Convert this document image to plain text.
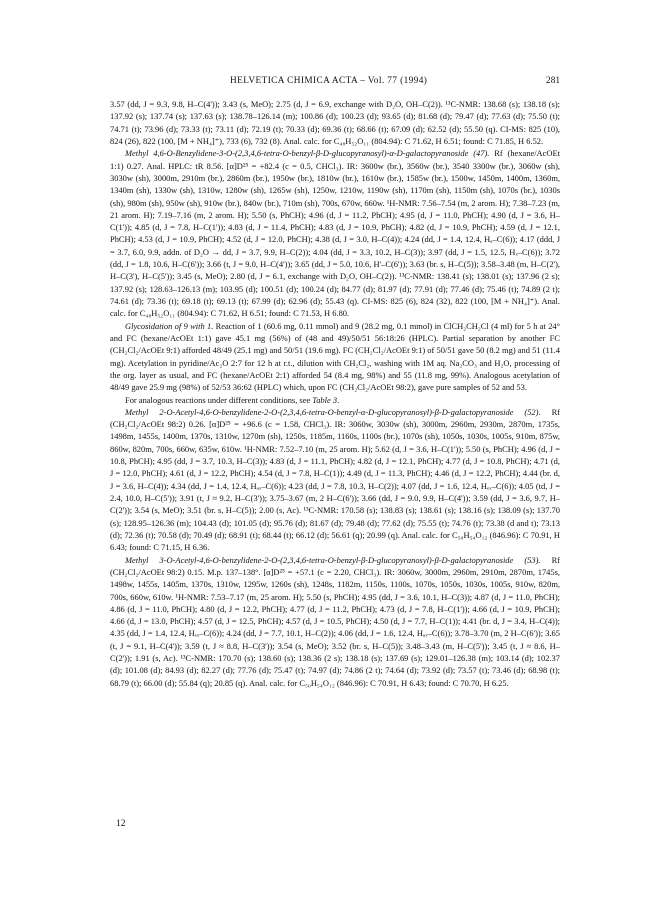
HELVETICA CHIMICA ACTA – Vol. 77 (1994)	281

3.57 (dd, J = 9.3, 9.8, H–C(4')); 3.43 (s, MeO); 2.75 (d, J = 6.9, exchange with D₂O, OH–C(2)). ¹³C-NMR: 138.68 (s); 138.18 (s); 137.92 (s); 137.74 (s); 137.63 (s); 138.78–126.14 (m); 100.86 (d); 100.23 (d); 93.65 (d); 81.68 (d); 79.47 (d); 77.63 (d); 75.50 (t); 74.71 (t); 73.96 (d); 73.33 (t); 73.11 (d); 72.19 (t); 70.33 (d); 69.36 (t); 68.66 (t); 67.09 (d); 62.52 (d); 55.50 (q). CI-MS: 825 (10), 824 (26), 822 (100, [M + NH₄]⁺), 733 (6), 732 (8). Anal. calc. for C₄₈H₅₂O₁₁ (804.94): C 71.62, H 6.51; found: C 71.85, H 6.52.

Methyl 4,6-O-Benzylidene-3-O-(2,3,4,6-tetra-O-benzyl-β-D-glucopyranosyl)-α-D-galactopyranoside (47). Rf (hexane/AcOEt 1:1) 0.27. Anal. HPLC: tR 8.56. [α]D²⁵ = +82.4 (c = 0.5, CHCl₃). IR: 3600w (br.), 3560w (br.), 3540 3300w (br.), 3060w (sh), 3030w (sh), 3000m, 2910m (br.), 2860m (br.), 1950w (br.), 1810w (br.), 1610w (br.), 1585w (br.), 1500w, 1450m, 1400m, 1360m, 1340m (sh), 1330w (sh), 1310w, 1280w (sh), 1265w (sh), 1250w, 1210w, 1190w (sh), 1170m (sh), 1150m (sh), 1070s (br.), 1030s (sh), 980m (sh), 950w (sh), 910w (br.), 840w (br.), 710m (sh), 700s, 670w, 660w. ¹H-NMR: 7.56–7.54 (m, 2 arom. H); 7.38–7.23 (m, 21 arom. H); 7.19–7.16 (m, 2 arom. H); 5.50 (s, PhCH); 4.96 (d, J = 11.2, PhCH); 4.95 (d, J = 11.0, PhCH); 4.90 (d, J = 3.6, H–C(1')); 4.85 (d, J = 7.8, H–C(1')); 4.83 (d, J = 11.4, PhCH); 4.83 (d, J = 10.9, PhCH); 4.82 (d, J = 10.9, PhCH); 4.59 (d, J = 12.1, PhCH); 4.53 (d, J = 10.9, PhCH); 4.52 (d, J = 12.0, PhCH); 4.38 (d, J = 3.0, H–C(4)); 4.24 (dd, J = 1.4, 12.4, Hₐ–C(6)); 4.17 (ddd, J = 3.7, 6.0, 9.9, addn. of D₂O → dd, J = 3.7, 9.9, H–C(2)); 4.04 (dd, J = 3.3, 10.2, H–C(3)); 3.97 (dd, J = 1.5, 12.5, Hₓ–C(6)); 3.72 (dd, J = 1.8, 10.6, H–C(6')); 3.66 (t, J = 9.0, H–C(4')); 3.65 (dd, J = 5.0, 10.6, H'–C(6')); 3.63 (br. s, H–C(5)); 3.58–3.48 (m, H–C(2'), H–C(3'), H–C(5')); 3.45 (s, MeO); 2.80 (d, J = 6.1, exchange with D₂O, OH–C(2)). ¹³C-NMR: 138.41 (s); 138.01 (s); 137.96 (2 s); 137.92 (s); 128.63–126.13 (m); 103.95 (d); 100.51 (d); 100.24 (d); 84.77 (d); 81.97 (d); 77.91 (d); 77.46 (d); 75.46 (t); 74.89 (2 t); 74.61 (d); 73.36 (t); 69.18 (t); 69.13 (t); 67.99 (d); 62.96 (d); 55.43 (q). CI-MS: 825 (6), 824 (32), 822 (100, [M + NH₄]⁺). Anal. calc. for C₄₈H₅₂O₁₁ (804.94): C 71.62, H 6.51; found: C 71.53, H 6.80.

Glycosidation of 9 with 1. Reaction of 1 (60.6 mg, 0.11 mmol) and 9 (28.2 mg, 0.1 mmol) in ClCH₂CH₂Cl (4 ml) for 5 h at 24° and FC (hexane/AcOEt 1:1) gave 45.1 mg (56%) of (48 and 49)/50/51 56:18:26 (HPLC). Partial separation by another FC (CH₂Cl₂/AcOEt 9:1) afforded 48/49 (25.1 mg) and 50/51 (19.6 mg). FC (CH₂Cl₂/AcOEt 9:1) of 50/51 gave 50 (8.2 mg) and 51 (11.4 mg). Acetylation in pyridine/Ac₂O 2:7 for 12 h at r.t., dilution with CH₂Cl₂, washing with 1M aq. Na₂CO₃ and H₂O, processing of the org. layer as usual, and FC (hexane/AcOEt 2:1) afforded 54 (8.4 mg, 98%) and 55 (11.8 mg, 99%). Analogous acetylation of 48/49 gave 25.9 mg (98%) of 52/53 36:62 (HPLC) which, upon FC (CH₂Cl₂/AcOEt 98:2), gave pure samples of 52 and 53.

For analogous reactions under different conditions, see Table 3.

Methyl 2-O-Acetyl-4,6-O-benzylidene-2-O-(2,3,4,6-tetra-O-benzyl-α-D-glucopyranosyl)-β-D-galactopyranoside (52). Rf (CH₂Cl₂/AcOEt 98:2) 0.26. [α]D²⁵ = +96.6 (c = 1.58, CHCl₃). IR: 3060w, 3030w (sh), 3000m, 2960m, 2930m, 2870m, 1735s, 1498m, 1455s, 1400m, 1370s, 1310w, 1270m (sh), 1250s, 1185m, 1160s, 1100s (br.), 1070s (sh), 1050s, 1030s, 1005s, 910m, 875w, 860w, 820m, 700s, 660w, 635w, 610w. ¹H-NMR: 7.52–7.10 (m, 25 arom. H); 5.62 (d, J = 3.6, H–C(1')); 5.50 (s, PhCH); 4.96 (d, J = 10.8, PhCH); 4.95 (dd, J = 3.7, 10.3, H–C(3)); 4.83 (d, J = 11.1, PhCH); 4.82 (d, J = 12.1, PhCH); 4.77 (d, J = 10.8, PhCH); 4.71 (d, J = 12.0, PhCH); 4.61 (d, J = 12.2, PhCH); 4.54 (d, J = 7.8, H–C(1)); 4.49 (d, J = 11.3, PhCH); 4.46 (d, J = 12.2, PhCH); 4.44 (br. d, J = 3.6, H–C(4)); 4.34 (dd, J = 1.4, 12.4, Hₐₓ–C(6)); 4.23 (dd, J = 7.8, 10.3, H–C(2)); 4.07 (dd, J = 1.6, 12.4, Hₑₓ–C(6)); 4.05 (td, J = 2.4, 10.0, H–C(5')); 3.91 (t, J ≈ 9.2, H–C(3')); 3.75–3.67 (m, 2 H–C(6')); 3.66 (dd, J = 9.0, 9.9, H–C(4')); 3.59 (dd, J = 3.6, 9.7, H–C(2')); 3.54 (s, MeO); 3.51 (br. s, H–C(5)); 2.00 (s, Ac). ¹³C-NMR: 170.58 (s); 138.83 (s); 138.61 (s); 138.16 (s); 138.09 (s); 137.70 (s); 128.95–126.36 (m); 104.43 (d); 101.05 (d); 95.76 (d); 81.67 (d); 79.48 (d); 77.62 (d); 75.55 (t); 74.76 (t); 73.38 (d and t); 73.13 (d); 72.36 (t); 70.58 (d); 70.49 (d); 68.91 (t); 68.44 (t); 66.12 (d); 56.61 (q); 20.99 (q). Anal. calc. for C₅₀H₅₄O₁₂ (846.96): C 70.91, H 6.43; found: C 71.15, H 6.36.

Methyl 3-O-Acetyl-4,6-O-benzylidene-2-O-(2,3,4,6-tetra-O-benzyl-β-D-glucopyranosyl)-β-D-galactopyranoside (53). Rf (CH₂Cl₂/AcOEt 98:2) 0.15. M.p. 137–138°. [α]D²⁵ = +57.1 (c = 2.20, CHCl₃). IR: 3060w, 3000m, 2960m, 2910m, 2870m, 1745s, 1498w, 1455s, 1405m, 1370s, 1310w, 1295w, 1260s (sh), 1248s, 1182m, 1150s, 1100s, 1070s, 1050s, 1030s, 1005s, 910w, 820m, 700s, 660w, 610w. ¹H-NMR: 7.53–7.17 (m, 25 arom. H); 5.50 (s, PhCH); 4.95 (dd, J = 3.6, 10.1, H–C(3)); 4.87 (d, J = 11.0, PhCH); 4.86 (d, J = 11.0, PhCH); 4.80 (d, J = 12.2, PhCH); 4.77 (d, J = 11.2, PhCH); 4.73 (d, J = 7.8, H–C(1')); 4.66 (d, J = 10.9, PhCH); 4.66 (d, J = 13.0, PhCH); 4.57 (d, J = 12.5, PhCH); 4.57 (d, J = 10.5, PhCH); 4.50 (d, J = 7.7, H–C(1)); 4.41 (br. d, J = 3.4, H–C(4)); 4.35 (dd, J = 1.4, 12.4, Hₑₓ–C(6)); 4.24 (dd, J = 7.7, 10.1, H–C(2)); 4.06 (dd, J = 1.6, 12.4, Hₐₓ–C(6)); 3.78–3.70 (m, 2 H–C(6')); 3.65 (t, J = 9.1, H–C(4')); 3.59 (t, J ≈ 8.8, H–C(3')); 3.54 (s, MeO); 3.52 (br. s, H–C(5)); 3.48–3.43 (m, H–C(5')); 3.45 (t, J ≈ 8.6, H–C(2')); 1.91 (s, Ac). ¹³C-NMR: 170.70 (s); 138.60 (s); 138.36 (2 s); 138.18 (s); 137.69 (s); 129.01–126.38 (m); 103.14 (d); 102.37 (d); 101.08 (d); 84.93 (d); 82.27 (d); 77.76 (d); 75.47 (t); 74.97 (d); 74.86 (2 t); 74.64 (d); 73.92 (d); 73.57 (t); 73.46 (d); 68.98 (t); 68.79 (t); 66.00 (d); 55.84 (q); 20.85 (q). Anal. calc. for C₅₀H₅₄O₁₂ (846.96): C 70.91, H 6.43; found: C 70.70, H 6.25.

12
